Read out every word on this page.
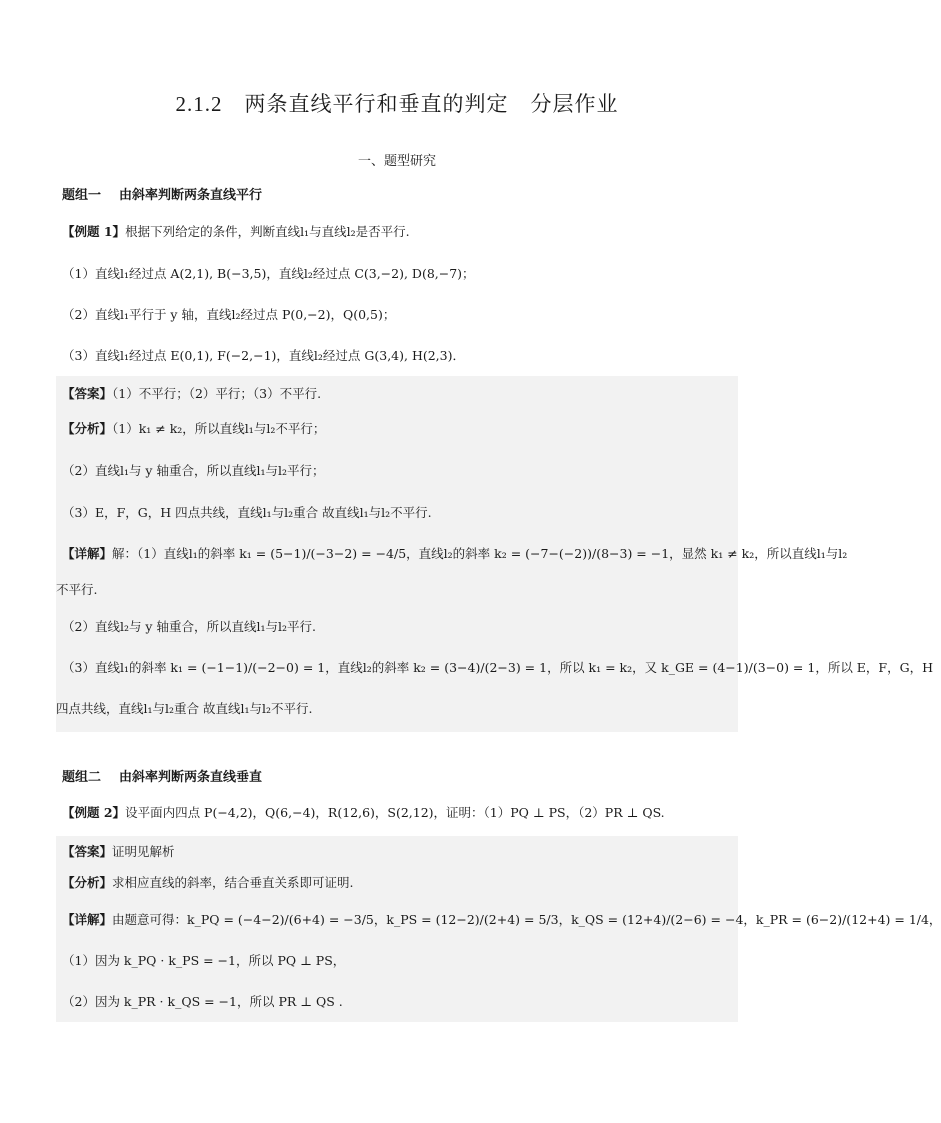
2.1.2 两条直线平行和垂直的判定　分层作业
一、题型研究
题组一 由斜率判断两条直线平行
【例题 1】根据下列给定的条件，判断直线l₁与直线l₂是否平行.
（1）直线l₁经过点 A(2,1), B(−3,5)，直线l₂经过点 C(3,−2), D(8,−7)；
（2）直线l₁平行于 y 轴，直线l₂经过点 P(0,−2)，Q(0,5)；
（3）直线l₁经过点 E(0,1), F(−2,−1)，直线l₂经过点 G(3,4), H(2,3)．
【答案】（1）不平行；（2）平行；（3）不平行.
【分析】（1）k₁ ≠ k₂，所以直线l₁与l₂不平行；
（2）直线l₁与 y 轴重合，所以直线l₁与l₂平行；
（3）E，F，G，H 四点共线，直线l₁与l₂重合 故直线l₁与l₂不平行.
【详解】解：（1）直线l₁的斜率 k₁ = (5−1)/(−3−2) = −4/5，直线l₂的斜率 k₂ = (−7−(−2))/(8−3) = −1，显然 k₁ ≠ k₂，所以直线l₁与l₂
不平行.
（2）直线l₂与 y 轴重合，所以直线l₁与l₂平行.
（3）直线l₁的斜率 k₁ = (−1−1)/(−2−0) = 1，直线l₂的斜率 k₂ = (3−4)/(2−3) = 1，所以 k₁ = k₂，又 k_GE = (4−1)/(3−0) = 1，所以 E，F，G，H
四点共线，直线l₁与l₂重合 故直线l₁与l₂不平行.
题组二 由斜率判断两条直线垂直
【例题 2】设平面内四点 P(−4,2)，Q(6,−4)，R(12,6)，S(2,12)，证明：（1）PQ ⊥ PS，（2）PR ⊥ QS.
【答案】证明见解析
【分析】求相应直线的斜率，结合垂直关系即可证明.
【详解】由题意可得：k_PQ = (−4−2)/(6+4) = −3/5，k_PS = (12−2)/(2+4) = 5/3，k_QS = (12+4)/(2−6) = −4，k_PR = (6−2)/(12+4) = 1/4，
（1）因为 k_PQ · k_PS = −1，所以 PQ ⊥ PS，
（2）因为 k_PR · k_QS = −1，所以 PR ⊥ QS .
